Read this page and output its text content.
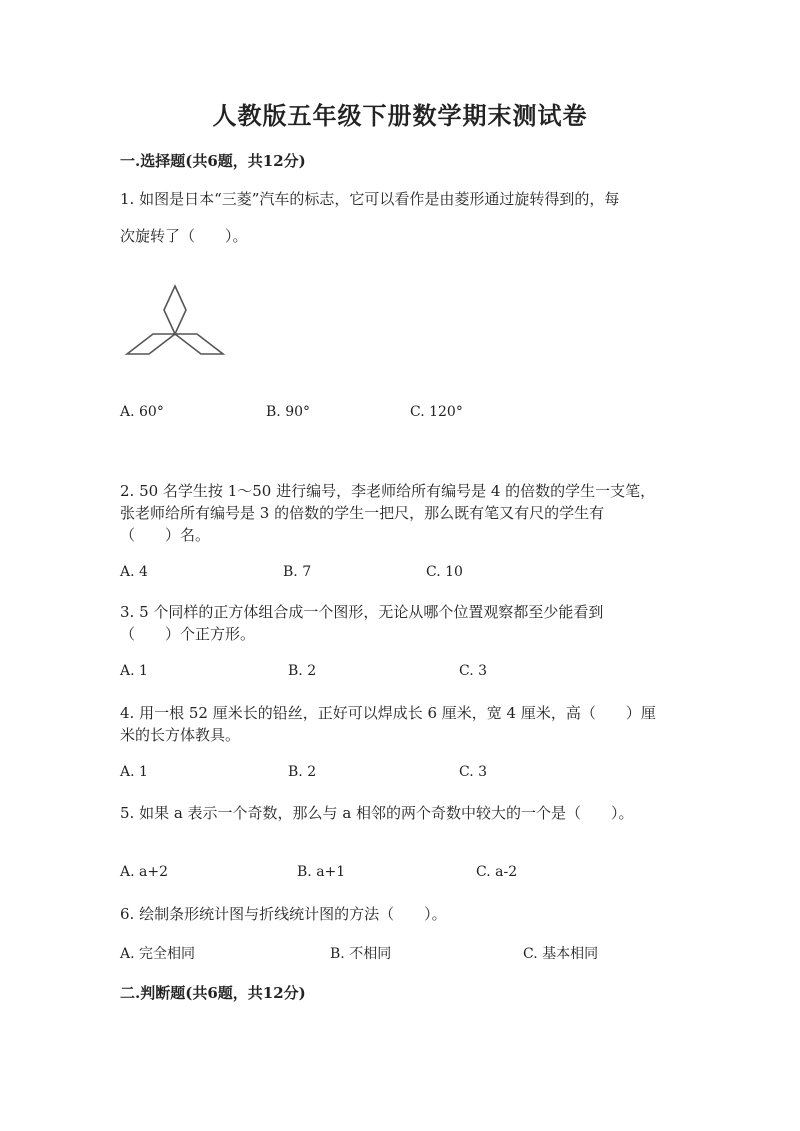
人教版五年级下册数学期末测试卷
一.选择题(共6题，共12分)
1. 如图是日本“三菱”汽车的标志，它可以看作是由菱形通过旋转得到的，每
次旋转了（　　）。
A. 60°	B. 90°	C. 120°
2. 50 名学生按 1～50 进行编号，李老师给所有编号是 4 的倍数的学生一支笔，
张老师给所有编号是 3 的倍数的学生一把尺，那么既有笔又有尺的学生有
（　　）名。
A. 4	B. 7	C. 10
3. 5 个同样的正方体组合成一个图形，无论从哪个位置观察都至少能看到
（　　）个正方形。
A. 1	B. 2	C. 3
4. 用一根 52 厘米长的铅丝，正好可以焊成长 6 厘米，宽 4 厘米，高（　　）厘
米的长方体教具。
A. 1	B. 2	C. 3
5. 如果 a 表示一个奇数，那么与 a 相邻的两个奇数中较大的一个是（　　）。
A. a+2	B. a+1	C. a-2
6. 绘制条形统计图与折线统计图的方法（　　）。
A. 完全相同	B. 不相同	C. 基本相同
二.判断题(共6题，共12分)
